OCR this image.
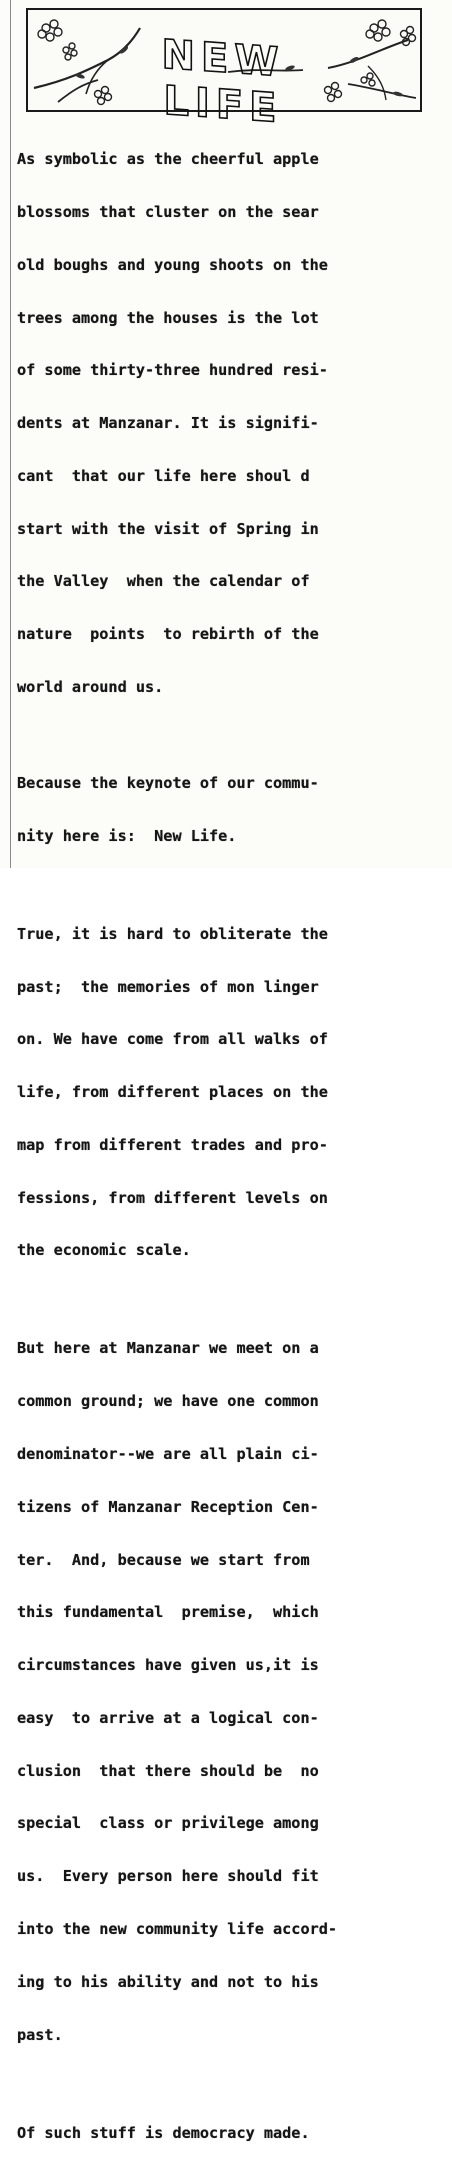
NEW LIFE

As symbolic as the cheerful apple

blossoms that cluster on the sear

old boughs and young shoots on the

trees among the houses is the lot

of some thirty-three hundred resi-

dents at Manzanar. It is signifi-

cant  that our life here shoul d

start with the visit of Spring in

the Valley  when the calendar of

nature  points  to rebirth of the

world around us.

Because the keynote of our commu-

nity here is:  New Life.

True, it is hard to obliterate the

past;  the memories of mon linger

on. We have come from all walks of

life, from different places on the

map from different trades and pro-

fessions, from different levels on

the economic scale.

But here at Manzanar we meet on a

common ground; we have one common

denominator--we are all plain ci-

tizens of Manzanar Reception Cen-

ter.  And, because we start from

this fundamental  premise,  which

circumstances have given us,it is

easy  to arrive at a logical con-

clusion  that there should be  no

special  class or privilege among

us.  Every person here should fit

into the new community life accord-

ing to his ability and not to his

past.

Of such stuff is democracy made.
